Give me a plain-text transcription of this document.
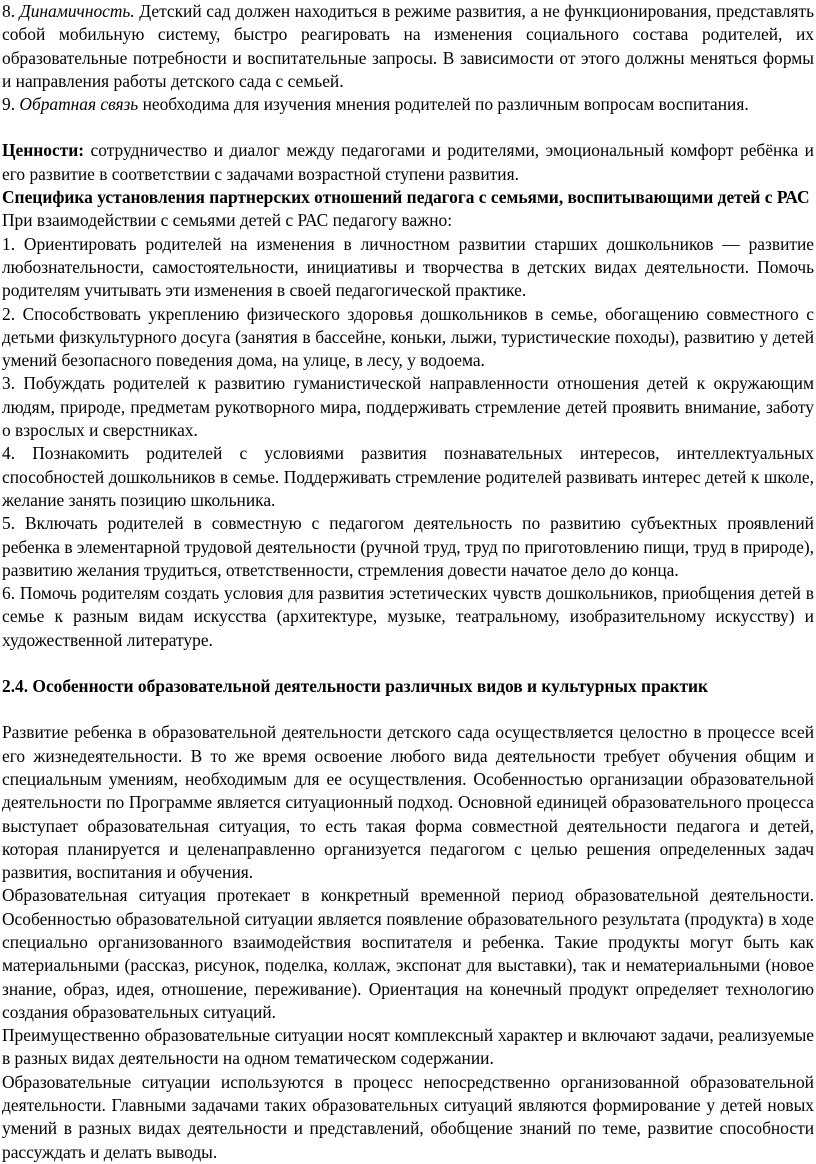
8. Динамичность. Детский сад должен находиться в режиме развития, а не функционирования, представлять собой мобильную систему, быстро реагировать на изменения социального состава родителей, их образовательные потребности и воспитательные запросы. В зависимости от этого должны меняться формы и направления работы детского сада с семьей.

9. Обратная связь необходима для изучения мнения родителей по различным вопросам воспитания.

Ценности: сотрудничество и диалог между педагогами и родителями, эмоциональный комфорт ребёнка и его развитие в соответствии с задачами возрастной ступени развития.

Специфика установления партнерских отношений педагога с семьями, воспитывающими детей с РАС

При взаимодействии с семьями детей с РАС педагогу важно:

1. Ориентировать родителей на изменения в личностном развитии старших дошкольников — развитие любознательности, самостоятельности, инициативы и творчества в детских видах деятельности. Помочь родителям учитывать эти изменения в своей педагогической практике.

2. Способствовать укреплению физического здоровья дошкольников в семье, обогащению совместного с детьми физкультурного досуга (занятия в бассейне, коньки, лыжи, туристические походы), развитию у детей умений безопасного поведения дома, на улице, в лесу, у водоема.

3. Побуждать родителей к развитию гуманистической направленности отношения детей к окружающим людям, природе, предметам рукотворного мира, поддерживать стремление детей проявить внимание, заботу о взрослых и сверстниках.

4. Познакомить родителей с условиями развития познавательных интересов, интеллектуальных способностей дошкольников в семье. Поддерживать стремление родителей развивать интерес детей к школе, желание занять позицию школьника.

5. Включать родителей в совместную с педагогом деятельность по развитию субъектных проявлений ребенка в элементарной трудовой деятельности (ручной труд, труд по приготовлению пищи, труд в природе), развитию желания трудиться, ответственности, стремления довести начатое дело до конца.

6. Помочь родителям создать условия для развития эстетических чувств дошкольников, приобщения детей в семье к разным видам искусства (архитектуре, музыке, театральному, изобразительному искусству) и художественной литературе.

2.4. Особенности образовательной деятельности различных видов и культурных практик

Развитие ребенка в образовательной деятельности детского сада осуществляется целостно в процессе всей его жизнедеятельности. В то же время освоение любого вида деятельности требует обучения общим и специальным умениям, необходимым для ее осуществления. Особенностью организации образовательной деятельности по Программе является ситуационный подход. Основной единицей образовательного процесса выступает образовательная ситуация, то есть такая форма совместной деятельности педагога и детей, которая планируется и целенаправленно организуется педагогом с целью решения определенных задач развития, воспитания и обучения.

Образовательная ситуация протекает в конкретный временной период образовательной деятельности. Особенностью образовательной ситуации является появление образовательного результата (продукта) в ходе специально организованного взаимодействия воспитателя и ребенка. Такие продукты могут быть как материальными (рассказ, рисунок, поделка, коллаж, экспонат для выставки), так и нематериальными (новое знание, образ, идея, отношение, переживание). Ориентация на конечный продукт определяет технологию создания образовательных ситуаций.

Преимущественно образовательные ситуации носят комплексный характер и включают задачи, реализуемые в разных видах деятельности на одном тематическом содержании.

Образовательные ситуации используются в процесс непосредственно организованной образовательной деятельности. Главными задачами таких образовательных ситуаций являются формирование у детей новых умений в разных видах деятельности и представлений, обобщение знаний по теме, развитие способности рассуждать и делать выводы.
